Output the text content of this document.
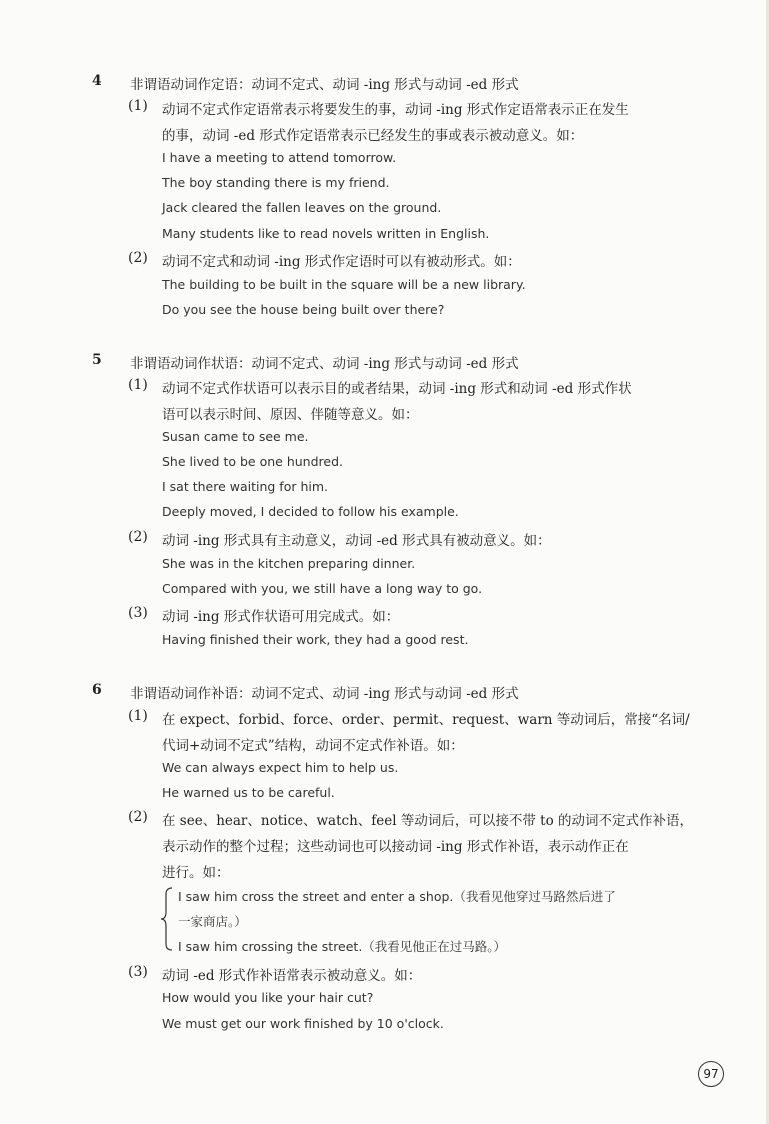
4 非谓语动词作定语：动词不定式、动词 -ing 形式与动词 -ed 形式
(1) 动词不定式作定语常表示将要发生的事，动词 -ing 形式作定语常表示正在发生
的事，动词 -ed 形式作定语常表示已经发生的事或表示被动意义。如：
I have a meeting to attend tomorrow.
The boy standing there is my friend.
Jack cleared the fallen leaves on the ground.
Many students like to read novels written in English.
(2) 动词不定式和动词 -ing 形式作定语时可以有被动形式。如：
The building to be built in the square will be a new library.
Do you see the house being built over there?
5 非谓语动词作状语：动词不定式、动词 -ing 形式与动词 -ed 形式
(1) 动词不定式作状语可以表示目的或者结果，动词 -ing 形式和动词 -ed 形式作状
语可以表示时间、原因、伴随等意义。如：
Susan came to see me.
She lived to be one hundred.
I sat there waiting for him.
Deeply moved, I decided to follow his example.
(2) 动词 -ing 形式具有主动意义，动词 -ed 形式具有被动意义。如：
She was in the kitchen preparing dinner.
Compared with you, we still have a long way to go.
(3) 动词 -ing 形式作状语可用完成式。如：
Having finished their work, they had a good rest.
6 非谓语动词作补语：动词不定式、动词 -ing 形式与动词 -ed 形式
(1) 在 expect、forbid、force、order、permit、request、warn 等动词后，常接“名词/
代词+动词不定式”结构，动词不定式作补语。如：
We can always expect him to help us.
He warned us to be careful.
(2) 在 see、hear、notice、watch、feel 等动词后，可以接不带 to 的动词不定式作补语，
表示动作的整个过程；这些动词也可以接动词 -ing 形式作补语，表示动作正在
进行。如：
I saw him cross the street and enter a shop.（我看见他穿过马路然后进了
一家商店。）
I saw him crossing the street.（我看见他正在过马路。）
(3) 动词 -ed 形式作补语常表示被动意义。如：
How would you like your hair cut?
We must get our work finished by 10 o'clock.
97
